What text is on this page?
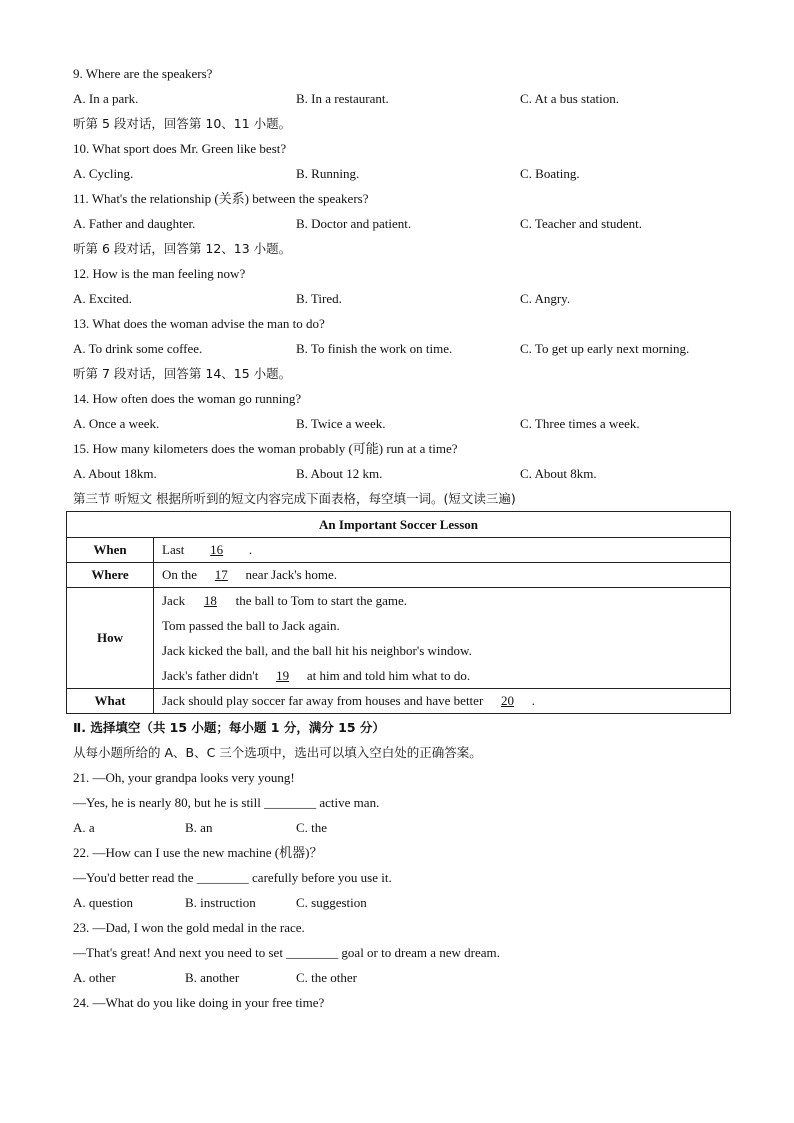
9. Where are the speakers?
A. In a park.	B. In a restaurant.	C. At a bus station.
听第 5 段对话，回答第 10、11 小题。
10. What sport does Mr. Green like best?
A. Cycling.	B. Running.	C. Boating.
11. What's the relationship (关系) between the speakers?
A. Father and daughter.	B. Doctor and patient.	C. Teacher and student.
听第 6 段对话，回答第 12、13 小题。
12. How is the man feeling now?
A. Excited.	B. Tired.	C. Angry.
13. What does the woman advise the man to do?
A. To drink some coffee.	B. To finish the work on time.	C. To get up early next morning.
听第 7 段对话，回答第 14、15 小题。
14. How often does the woman go running?
A. Once a week.	B. Twice a week.	C. Three times a week.
15. How many kilometers does the woman probably (可能) run at a time?
A. About 18km.	B. About 12 km.	C. About 8km.
第三节 听短文 根据所听到的短文内容完成下面表格，每空填一词。(短文读三遍)
An Important Soccer Lesson	
When	Last 16 .
Where	On the 17 near Jack's home.
How	Jack 18 the ball to Tom to start the game.
Tom passed the ball to Jack again.
Jack kicked the ball, and the ball hit his neighbor's window.
Jack's father didn't 19 at him and told him what to do.

What	Jack should play soccer far away from houses and have better 20 .
Ⅱ. 选择填空（共 15 小题；每小题 1 分，满分 15 分）
从每小题所给的 A、B、C 三个选项中，选出可以填入空白处的正确答案。
21. —Oh, your grandpa looks very young!
—Yes, he is nearly 80, but he is still ________ active man.
A. a	B. an	C. the
22. —How can I use the new machine (机器)？
—You'd better read the ________ carefully before you use it.
A. question	B. instruction	C. suggestion
23. —Dad, I won the gold medal in the race.
—That's great! And next you need to set ________ goal or to dream a new dream.
A. other	B. another	C. the other
24. —What do you like doing in your free time?
